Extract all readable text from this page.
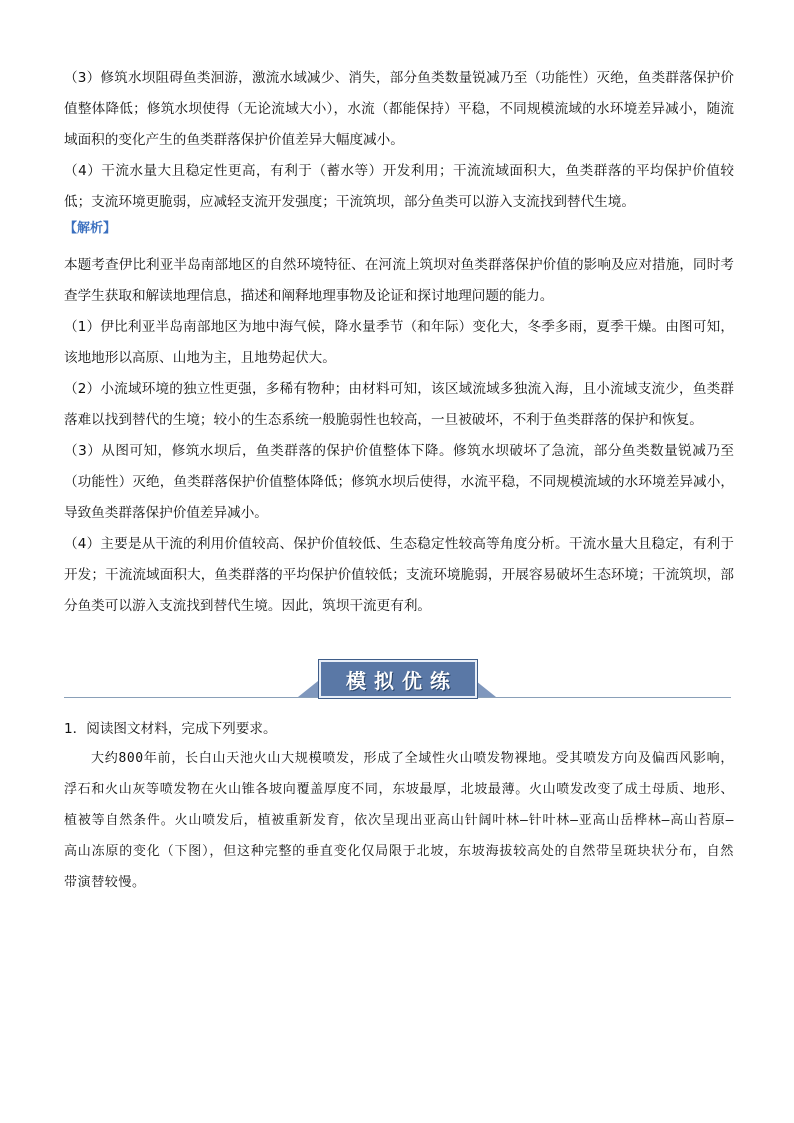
（3）修筑水坝阻碍鱼类洄游，激流水域减少、消失，部分鱼类数量锐减乃至（功能性）灭绝，鱼类群落保护价值整体降低；修筑水坝使得（无论流域大小），水流（都能保持）平稳，不同规模流域的水环境差异减小，随流域面积的变化产生的鱼类群落保护价值差异大幅度减小。

（4）干流水量大且稳定性更高，有利于（蓄水等）开发利用；干流流域面积大，鱼类群落的平均保护价值较低；支流环境更脆弱，应减轻支流开发强度；干流筑坝，部分鱼类可以游入支流找到替代生境。

【解析】

本题考查伊比利亚半岛南部地区的自然环境特征、在河流上筑坝对鱼类群落保护价值的影响及应对措施，同时考查学生获取和解读地理信息，描述和阐释地理事物及论证和探讨地理问题的能力。

（1）伊比利亚半岛南部地区为地中海气候，降水量季节（和年际）变化大，冬季多雨，夏季干燥。由图可知，该地地形以高原、山地为主，且地势起伏大。

（2）小流域环境的独立性更强，多稀有物种；由材料可知，该区域流域多独流入海，且小流域支流少，鱼类群落难以找到替代的生境；较小的生态系统一般脆弱性也较高，一旦被破坏，不利于鱼类群落的保护和恢复。

（3）从图可知，修筑水坝后，鱼类群落的保护价值整体下降。修筑水坝破坏了急流，部分鱼类数量锐减乃至（功能性）灭绝，鱼类群落保护价值整体降低；修筑水坝后使得，水流平稳，不同规模流域的水环境差异减小，导致鱼类群落保护价值差异减小。

（4）主要是从干流的利用价值较高、保护价值较低、生态稳定性较高等角度分析。干流水量大且稳定，有利于开发；干流流域面积大，鱼类群落的平均保护价值较低；支流环境脆弱，开展容易破坏生态环境；干流筑坝，部分鱼类可以游入支流找到替代生境。因此，筑坝干流更有利。

模拟优练
1．阅读图文材料，完成下列要求。

大约800年前，长白山天池火山大规模喷发，形成了全域性火山喷发物裸地。受其喷发方向及偏西风影响，浮石和火山灰等喷发物在火山锥各坡向覆盖厚度不同，东坡最厚，北坡最薄。火山喷发改变了成土母质、地形、植被等自然条件。火山喷发后，植被重新发育，依次呈现出亚高山针阔叶林—针叶林—亚高山岳桦林—高山苔原—高山冻原的变化（下图），但这种完整的垂直变化仅局限于北坡，东坡海拔较高处的自然带呈斑块状分布，自然带演替较慢。
